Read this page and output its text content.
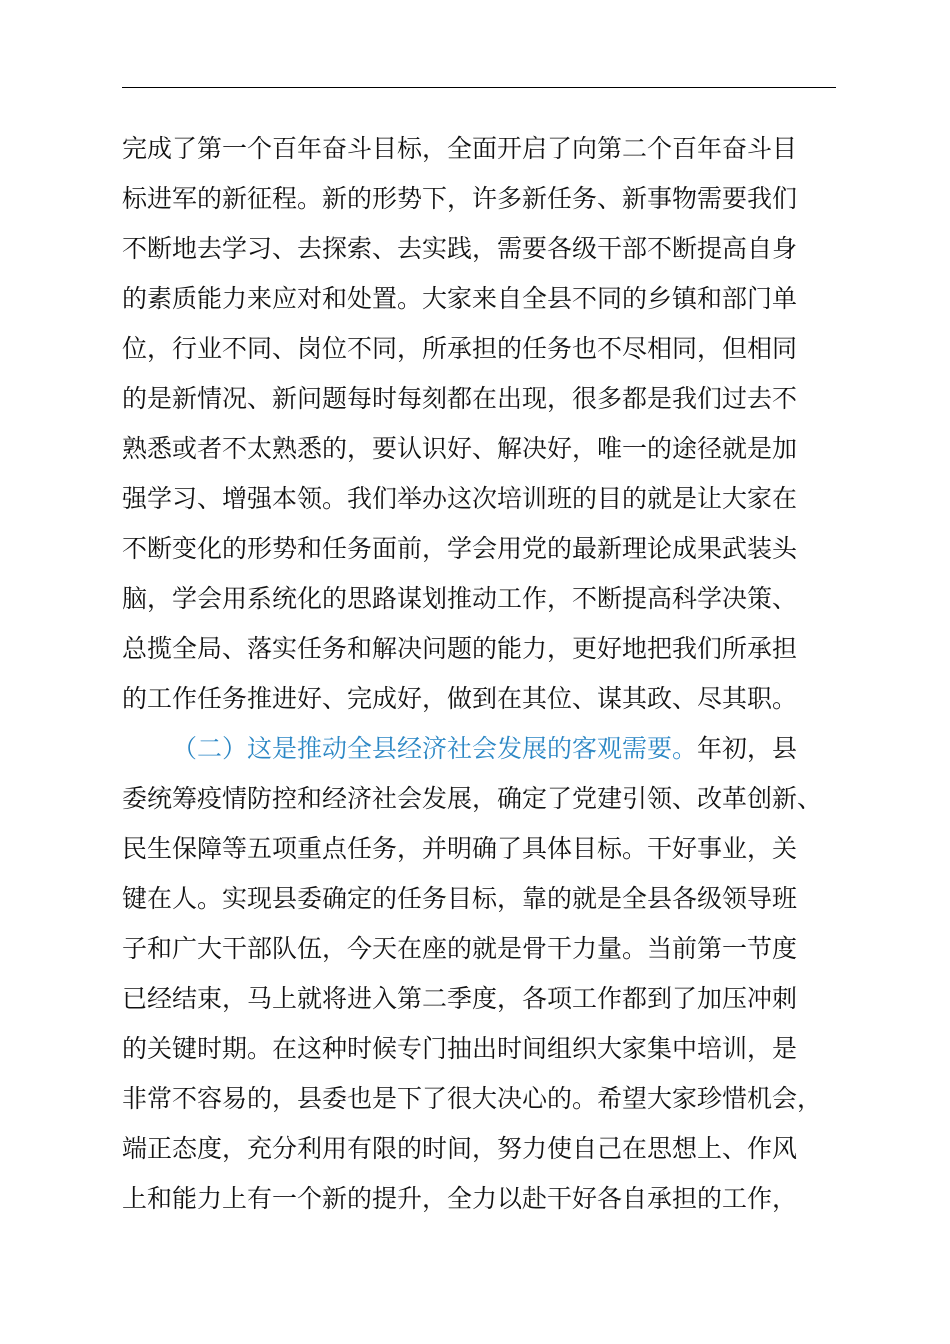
完成了第一个百年奋斗目标，全面开启了向第二个百年奋斗目
标进军的新征程。新的形势下，许多新任务、新事物需要我们
不断地去学习、去探索、去实践，需要各级干部不断提高自身
的素质能力来应对和处置。大家来自全县不同的乡镇和部门单
位，行业不同、岗位不同，所承担的任务也不尽相同，但相同
的是新情况、新问题每时每刻都在出现，很多都是我们过去不
熟悉或者不太熟悉的，要认识好、解决好，唯一的途径就是加
强学习、增强本领。我们举办这次培训班的目的就是让大家在
不断变化的形势和任务面前，学会用党的最新理论成果武装头
脑，学会用系统化的思路谋划推动工作，不断提高科学决策、
总揽全局、落实任务和解决问题的能力，更好地把我们所承担
的工作任务推进好、完成好，做到在其位、谋其政、尽其职。
（二）这是推动全县经济社会发展的客观需要。年初，县
委统筹疫情防控和经济社会发展，确定了党建引领、改革创新、
民生保障等五项重点任务，并明确了具体目标。干好事业，关
键在人。实现县委确定的任务目标，靠的就是全县各级领导班
子和广大干部队伍，今天在座的就是骨干力量。当前第一节度
已经结束，马上就将进入第二季度，各项工作都到了加压冲刺
的关键时期。在这种时候专门抽出时间组织大家集中培训，是
非常不容易的，县委也是下了很大决心的。希望大家珍惜机会，
端正态度，充分利用有限的时间，努力使自己在思想上、作风
上和能力上有一个新的提升，全力以赴干好各自承担的工作，
